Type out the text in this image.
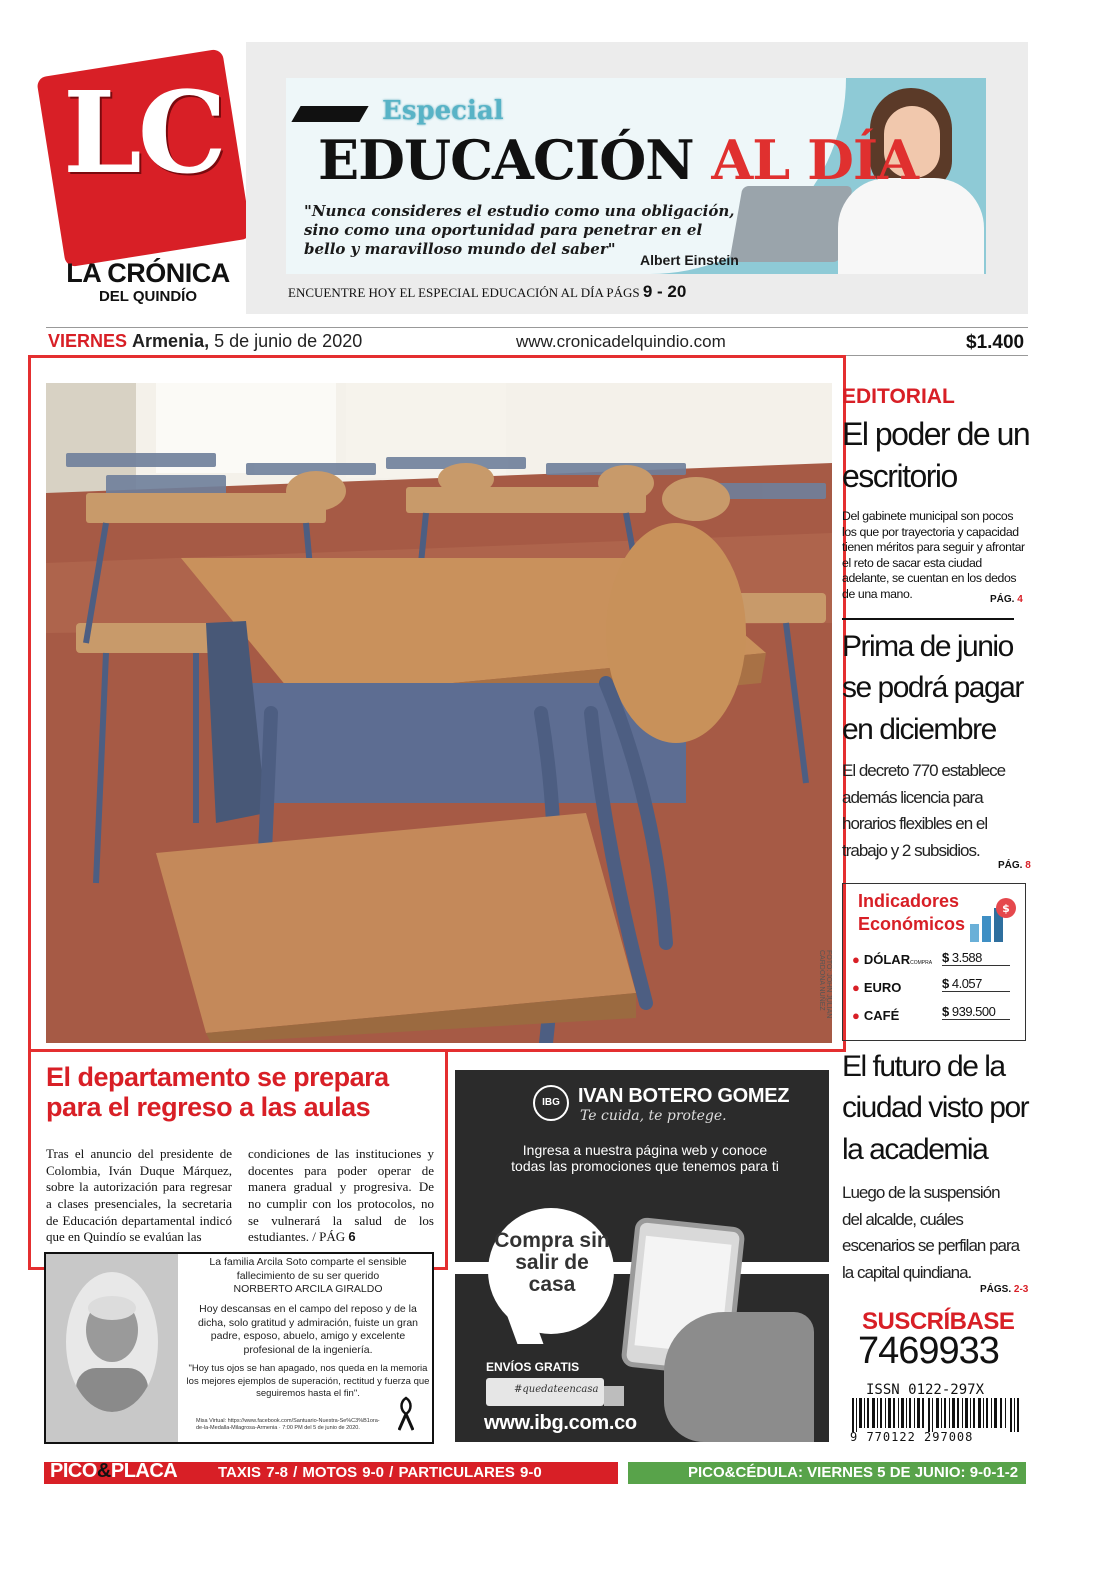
LC
LA CRÓNICA
DEL QUINDÍO
Especial
EDUCACIÓN AL DÍA
"Nunca consideres el estudio como una obligación, sino como una oportunidad para penetrar en el bello y maravilloso mundo del saber"
Albert Einstein
ENCUENTRE HOY EL ESPECIAL EDUCACIÓN AL DÍA PÁGS 9 - 20
VIERNES Armenia, 5 de junio de 2020	www.cronicadelquindio.com	$1.400
FOTO: JOHN JULIAN CARDONA NUÑEZ
El departamento se prepara para el regreso a las aulas

Tras el anuncio del presidente de Colombia, Iván Duque Márquez, sobre la autorización para regresar a clases presenciales, la secretaria de Educación departamental indicó que en Quindío se evalúan las

condiciones de las instituciones y docentes para poder operar de manera gradual y progresiva. De no cumplir con los protocolos, no se vulnerará la salud de los estudiantes. / PÁG 6

La familia Arcila Soto comparte el sensible fallecimiento de su ser querido
NORBERTO ARCILA GIRALDO

Hoy descansas en el campo del reposo y de la dicha, solo gratitud y admiración, fuiste un gran padre, esposo, abuelo, amigo y excelente profesional de la ingeniería.

"Hoy tus ojos se han apagado, nos queda en la memoria los mejores ejemplos de superación, rectitud y fuerza que seguiremos hasta el fin".

Misa Virtual: https://www.facebook.com/Santuario-Nuestra-Se%C3%B1ora-de-la-Medalla-Milagrosa-Armenia · 7:00 PM del 5 de junio de 2020.
IBG IVAN BOTERO GOMEZ
Te cuida, te protege.
Ingresa a nuestra página web y conoce todas las promociones que tenemos para ti
Compra sin salir de casa
ENVÍOS GRATIS
#quedateencasa
www.ibg.com.co
EDITORIAL
El poder de un escritorio
Del gabinete municipal son pocos los que por trayectoria y capacidad tienen méritos para seguir y afrontar el reto de sacar esta ciudad adelante, se cuentan en los dedos de una mano.	PÁG. 4
Prima de junio se podrá pagar en diciembre
El decreto 770 establece además licencia para horarios flexibles en el trabajo y 2 subsidios.
PÁG. 8
Indicadores
Económicos
$
● DÓLARCOMPRA $ 3.588
● EURO	$ 4.057
● CAFÉ	$ 939.500
El futuro de la ciudad visto por la academia
Luego de la suspensión del alcalde, cuáles escenarios se perfilan para la capital quindiana.
PÁGS. 2-3
SUSCRÍBASE
7469933
ISSN 0122-297X
9 770122 297008
PICO&PLACA	TAXIS 7-8 / MOTOS 9-0 / PARTICULARES 9-0	PICO&CÉDULA: VIERNES 5 DE JUNIO: 9-0-1-2
